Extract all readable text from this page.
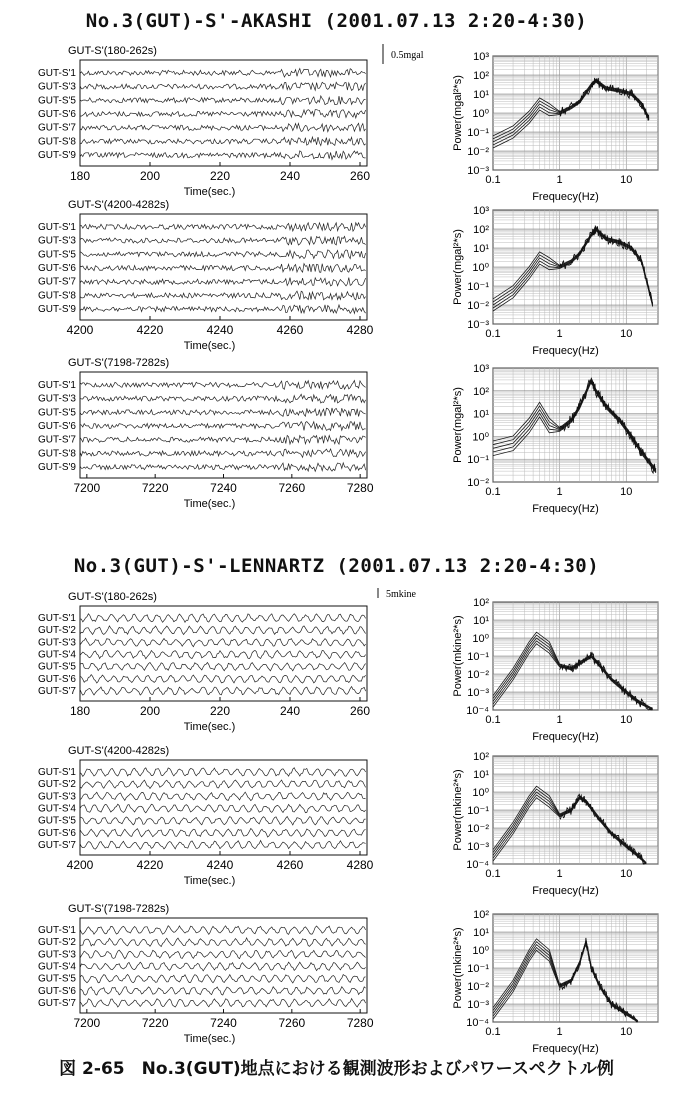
No.3(GUT)-S'-AKASHI (2001.07.13 2:20-4:30)
No.3(GUT)-S'-LENNARTZ (2001.07.13 2:20-4:30)
GUT-S'(180-262s)	0.5mgal
GUT-S'1
GUT-S'3
GUT-S'5
GUT-S'6
GUT-S'7
GUT-S'8
GUT-S'9
180	200	220	240	260
Time(sec.)
10⁻³
10⁻²
10⁻¹
10⁰
10¹
10²
10³
0.1	1	10
Frequecy(Hz)
Power(mgal²*s)
GUT-S'(4200-4282s)
GUT-S'1
GUT-S'3
GUT-S'5
GUT-S'6
GUT-S'7
GUT-S'8
GUT-S'9
4200	4220	4240	4260	4280
Time(sec.)
10⁻³
10⁻²
10⁻¹
10⁰
10¹
10²
10³
0.1	1	10
Frequecy(Hz)
Power(mgal²*s)
GUT-S'(7198-7282s)
GUT-S'1
GUT-S'3
GUT-S'5
GUT-S'6
GUT-S'7
GUT-S'8
GUT-S'9
7200	7220	7240	7260	7280
Time(sec.)
10⁻²
10⁻¹
10⁰
10¹
10²
10³
0.1	1	10
Frequecy(Hz)
Power(mgal²*s)
GUT-S'(180-262s)	5mkine
GUT-S'1
GUT-S'2
GUT-S'3
GUT-S'4
GUT-S'5
GUT-S'6
GUT-S'7
180	200	220	240	260
Time(sec.)
10⁻⁴
10⁻³
10⁻²
10⁻¹
10⁰
10¹
10²
0.1	1	10
Frequecy(Hz)
Power(mkine²*s)
GUT-S'(4200-4282s)
GUT-S'1
GUT-S'2
GUT-S'3
GUT-S'4
GUT-S'5
GUT-S'6
GUT-S'7
4200	4220	4240	4260	4280
Time(sec.)
10⁻⁴
10⁻³
10⁻²
10⁻¹
10⁰
10¹
10²
0.1	1	10
Frequecy(Hz)
Power(mkine²*s)
GUT-S'(7198-7282s)
GUT-S'1
GUT-S'2
GUT-S'3
GUT-S'4
GUT-S'5
GUT-S'6
GUT-S'7
7200	7220	7240	7260	7280
Time(sec.)
10⁻⁴
10⁻³
10⁻²
10⁻¹
10⁰
10¹
10²
0.1	1	10
Frequecy(Hz)
Power(mkine²*s)
図 2-65　No.3(GUT)地点における観測波形およびパワースペクトル例
